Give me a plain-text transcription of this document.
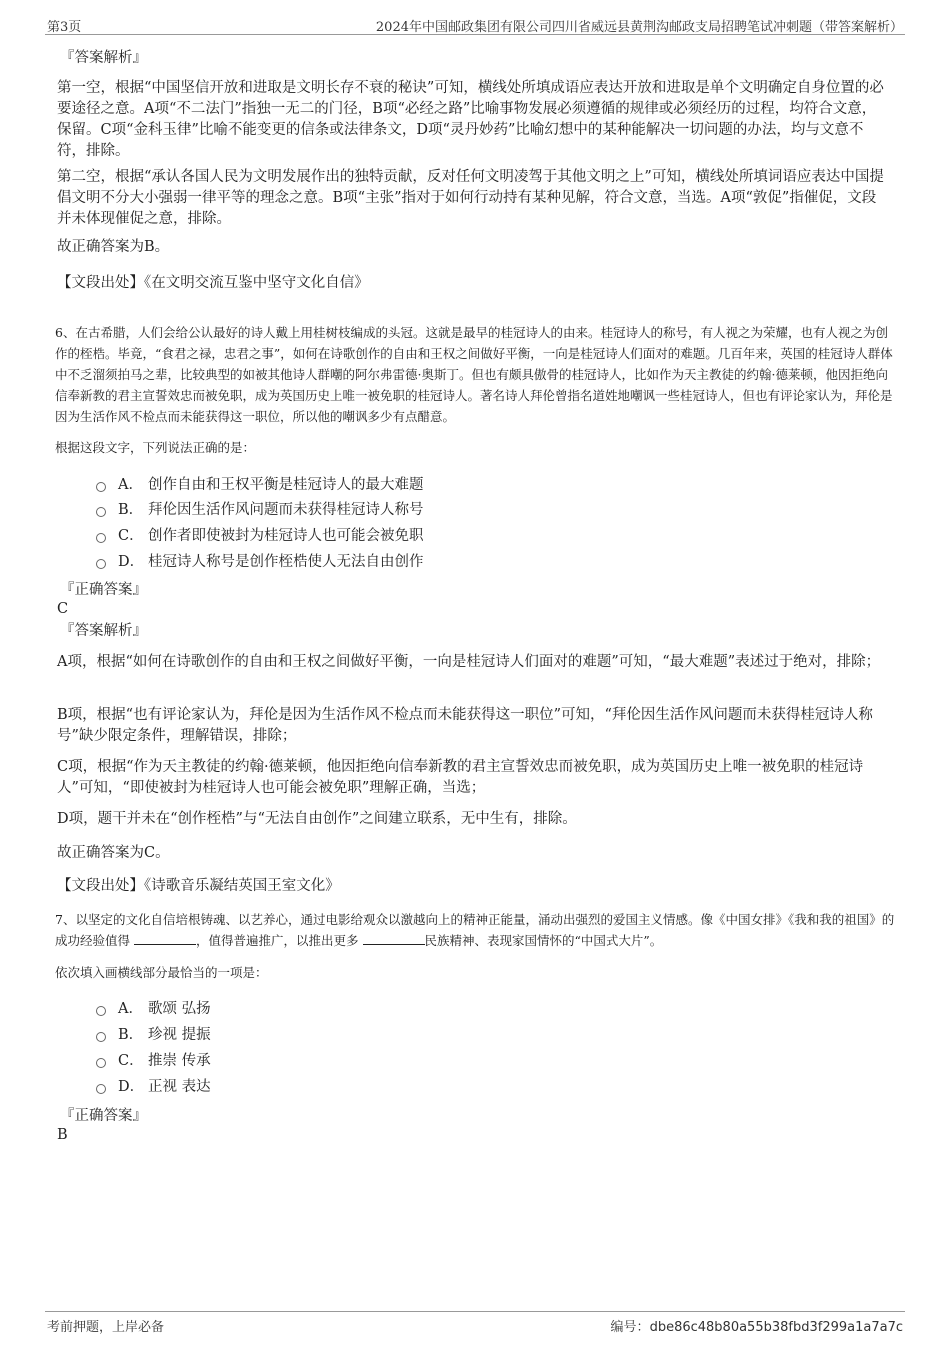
第3页	2024年中国邮政集团有限公司四川省威远县黄荆沟邮政支局招聘笔试冲刺题（带答案解析）
『答案解析』

第一空，根据“中国坚信开放和进取是文明长存不衰的秘诀”可知，横线处所填成语应表达开放和进取是单个文明确定自身位置的必要途径之意。A项“不二法门”指独一无二的门径，B项“必经之路”比喻事物发展必须遵循的规律或必须经历的过程，均符合文意，保留。C项“金科玉律”比喻不能变更的信条或法律条文，D项“灵丹妙药”比喻幻想中的某种能解决一切问题的办法，均与文意不符，排除。

第二空，根据“承认各国人民为文明发展作出的独特贡献，反对任何文明凌驾于其他文明之上”可知，横线处所填词语应表达中国提倡文明不分大小强弱一律平等的理念之意。B项“主张”指对于如何行动持有某种见解，符合文意，当选。A项“敦促”指催促，文段并未体现催促之意，排除。

故正确答案为B。

【文段出处】《在文明交流互鉴中坚守文化自信》

6、在古希腊，人们会给公认最好的诗人戴上用桂树枝编成的头冠。这就是最早的桂冠诗人的由来。桂冠诗人的称号，有人视之为荣耀，也有人视之为创作的桎梏。毕竟，“食君之禄，忠君之事”，如何在诗歌创作的自由和王权之间做好平衡，一向是桂冠诗人们面对的难题。几百年来，英国的桂冠诗人群体中不乏溜须拍马之辈，比较典型的如被其他诗人群嘲的阿尔弗雷德·奥斯丁。但也有颇具傲骨的桂冠诗人，比如作为天主教徒的约翰·德莱顿，他因拒绝向信奉新教的君主宣誓效忠而被免职，成为英国历史上唯一被免职的桂冠诗人。著名诗人拜伦曾指名道姓地嘲讽一些桂冠诗人，但也有评论家认为，拜伦是因为生活作风不检点而未能获得这一职位，所以他的嘲讽多少有点醋意。

根据这段文字，下列说法正确的是：

A． 创作自由和王权平衡是桂冠诗人的最大难题
B． 拜伦因生活作风问题而未获得桂冠诗人称号
C． 创作者即使被封为桂冠诗人也可能会被免职
D． 桂冠诗人称号是创作桎梏使人无法自由创作
『正确答案』
C
『答案解析』

A项，根据“如何在诗歌创作的自由和王权之间做好平衡，一向是桂冠诗人们面对的难题”可知，“最大难题”表述过于绝对，排除；

B项，根据“也有评论家认为，拜伦是因为生活作风不检点而未能获得这一职位”可知，“拜伦因生活作风问题而未获得桂冠诗人称号”缺少限定条件，理解错误，排除；

C项，根据“作为天主教徒的约翰·德莱顿，他因拒绝向信奉新教的君主宣誓效忠而被免职，成为英国历史上唯一被免职的桂冠诗人”可知，“即使被封为桂冠诗人也可能会被免职”理解正确，当选；

D项，题干并未在“创作桎梏”与“无法自由创作”之间建立联系，无中生有，排除。

故正确答案为C。

【文段出处】《诗歌音乐凝结英国王室文化》

7、以坚定的文化自信培根铸魂、以艺养心，通过电影给观众以激越向上的精神正能量，涌动出强烈的爱国主义情感。像《中国女排》《我和我的祖国》的成功经验值得	，值得普遍推广，以推出更多	民族精神、表现家国情怀的“中国式大片”。

依次填入画横线部分最恰当的一项是：

A． 歌颂 弘扬
B． 珍视 提振
C． 推崇 传承
D． 正视 表达
『正确答案』
B
考前押题，上岸必备	编号：dbe86c48b80a55b38fbd3f299a1a7a7c
